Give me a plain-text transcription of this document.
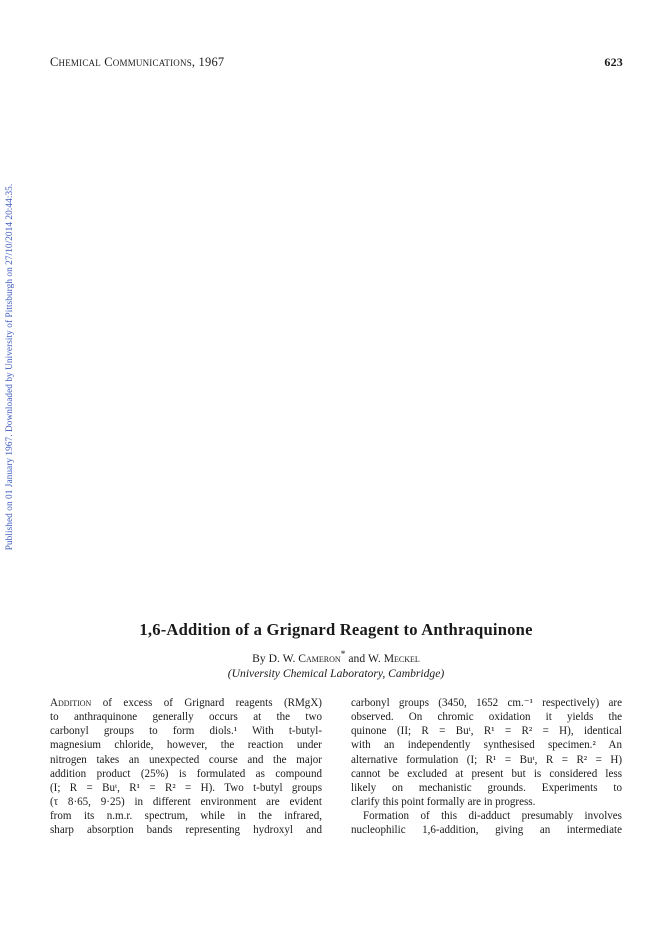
Chemical Communications, 1967	623
Published on 01 January 1967. Downloaded by University of Pittsburgh on 27/10/2014 20:44:35.
1,6-Addition of a Grignard Reagent to Anthraquinone
By D. W. Cameron* and W. Meckel
(University Chemical Laboratory, Cambridge)
Addition of excess of Grignard reagents (RMgX)
to anthraquinone generally occurs at the two
carbonyl groups to form diols.¹ With t-butyl-
magnesium chloride, however, the reaction under
nitrogen takes an unexpected course and the major
addition product (25%) is formulated as compound
(I; R = Buᵗ, R¹ = R² = H). Two t-butyl groups
(τ 8·65, 9·25) in different environment are evident
from its n.m.r. spectrum, while in the infrared,
sharp absorption bands representing hydroxyl and
carbonyl groups (3450, 1652 cm.⁻¹ respectively) are
observed. On chromic oxidation it yields the
quinone (II; R = Buᵗ, R¹ = R² = H), identical
with an independently synthesised specimen.² An
alternative formulation (I; R¹ = Buᵗ, R = R² = H)
cannot be excluded at present but is considered less
likely on mechanistic grounds. Experiments to
clarify this point formally are in progress.
Formation of this di-adduct presumably involves
nucleophilic 1,6-addition, giving an intermediate
